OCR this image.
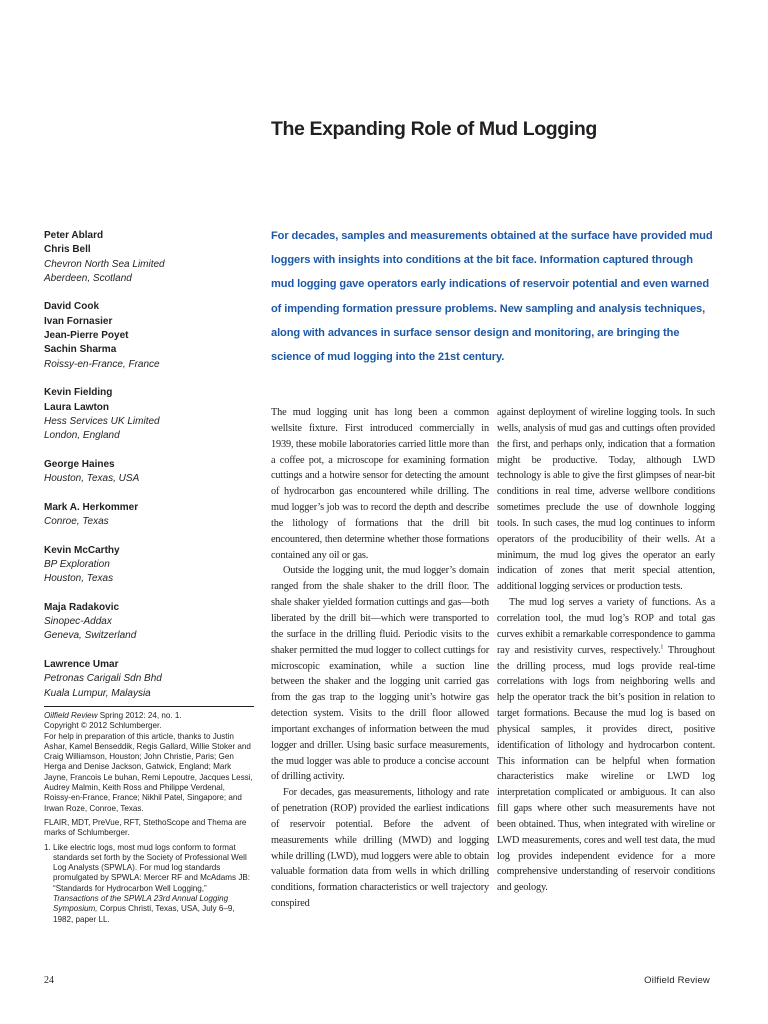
The Expanding Role of Mud Logging
Peter Ablard
Chris Bell
Chevron North Sea Limited
Aberdeen, Scotland
David Cook
Ivan Fornasier
Jean-Pierre Poyet
Sachin Sharma
Roissy-en-France, France
Kevin Fielding
Laura Lawton
Hess Services UK Limited
London, England
George Haines
Houston, Texas, USA
Mark A. Herkommer
Conroe, Texas
Kevin McCarthy
BP Exploration
Houston, Texas
Maja Radakovic
Sinopec-Addax
Geneva, Switzerland
Lawrence Umar
Petronas Carigali Sdn Bhd
Kuala Lumpur, Malaysia

Oilfield Review Spring 2012: 24, no. 1.
Copyright © 2012 Schlumberger.
For help in preparation of this article, thanks to Justin Ashar, Kamel Benseddik, Regis Gallard, Willie Stoker and Craig Williamson, Houston; John Christie, Paris; Gen Herga and Denise Jackson, Gatwick, England; Mark Jayne, Francois Le buhan, Remi Lepoutre, Jacques Lessi, Audrey Malmin, Keith Ross and Philippe Verdenal, Roissy-en-France, France; Nikhil Patel, Singapore; and Irwan Roze, Conroe, Texas.

FLAIR, MDT, PreVue, RFT, StethoScope and Thema are marks of Schlumberger.

1. Like electric logs, most mud logs conform to format standards set forth by the Society of Professional Well Log Analysts (SPWLA). For mud log standards promulgated by SPWLA: Mercer RF and McAdams JB: “Standards for Hydrocarbon Well Logging,” Transactions of the SPWLA 23rd Annual Logging Symposium, Corpus Christi, Texas, USA, July 6–9, 1982, paper LL.

For decades, samples and measurements obtained at the surface have provided mud loggers with insights into conditions at the bit face. Information captured through mud logging gave operators early indications of reservoir potential and even warned of impending formation pressure problems. New sampling and analysis techniques, along with advances in surface sensor design and monitoring, are bringing the science of mud logging into the 21st century.

The mud logging unit has long been a common wellsite fixture. First introduced commercially in 1939, these mobile laboratories carried little more than a coffee pot, a microscope for examining formation cuttings and a hotwire sensor for detecting the amount of hydrocarbon gas encountered while drilling. The mud logger’s job was to record the depth and describe the lithology of formations that the drill bit encountered, then determine whether those formations contained any oil or gas.

Outside the logging unit, the mud logger’s domain ranged from the shale shaker to the drill floor. The shale shaker yielded formation cuttings and gas—both liberated by the drill bit—which were transported to the surface in the drilling fluid. Periodic visits to the shaker permitted the mud logger to collect cuttings for microscopic examination, while a suction line between the shaker and the logging unit carried gas from the gas trap to the logging unit’s hotwire gas detection system. Visits to the drill floor allowed important exchanges of information between the mud logger and driller. Using basic surface measurements, the mud logger was able to produce a concise account of drilling activity.

For decades, gas measurements, lithology and rate of penetration (ROP) provided the earliest indications of reservoir potential. Before the advent of measurements while drilling (MWD) and logging while drilling (LWD), mud loggers were able to obtain valuable formation data from wells in which drilling conditions, formation characteristics or well trajectory conspired

against deployment of wireline logging tools. In such wells, analysis of mud gas and cuttings often provided the first, and perhaps only, indication that a formation might be productive. Today, although LWD technology is able to give the first glimpses of near-bit conditions in real time, adverse wellbore conditions sometimes preclude the use of downhole logging tools. In such cases, the mud log continues to inform operators of the producibility of their wells. At a minimum, the mud log gives the operator an early indication of zones that merit special attention, additional logging services or production tests.

The mud log serves a variety of functions. As a correlation tool, the mud log’s ROP and total gas curves exhibit a remarkable correspondence to gamma ray and resistivity curves, respectively.$^1$ Throughout the drilling process, mud logs provide real-time correlations with logs from neighboring wells and help the operator track the bit’s position in relation to target formations. Because the mud log is based on physical samples, it provides direct, positive identification of lithology and hydrocarbon content. This information can be helpful when formation characteristics make wireline or LWD log interpretation complicated or ambiguous. It can also fill gaps where other such measurements have not been obtained. Thus, when integrated with wireline or LWD measurements, cores and well test data, the mud log provides independent evidence for a more comprehensive understanding of reservoir conditions and geology.

24	Oilfield Review
